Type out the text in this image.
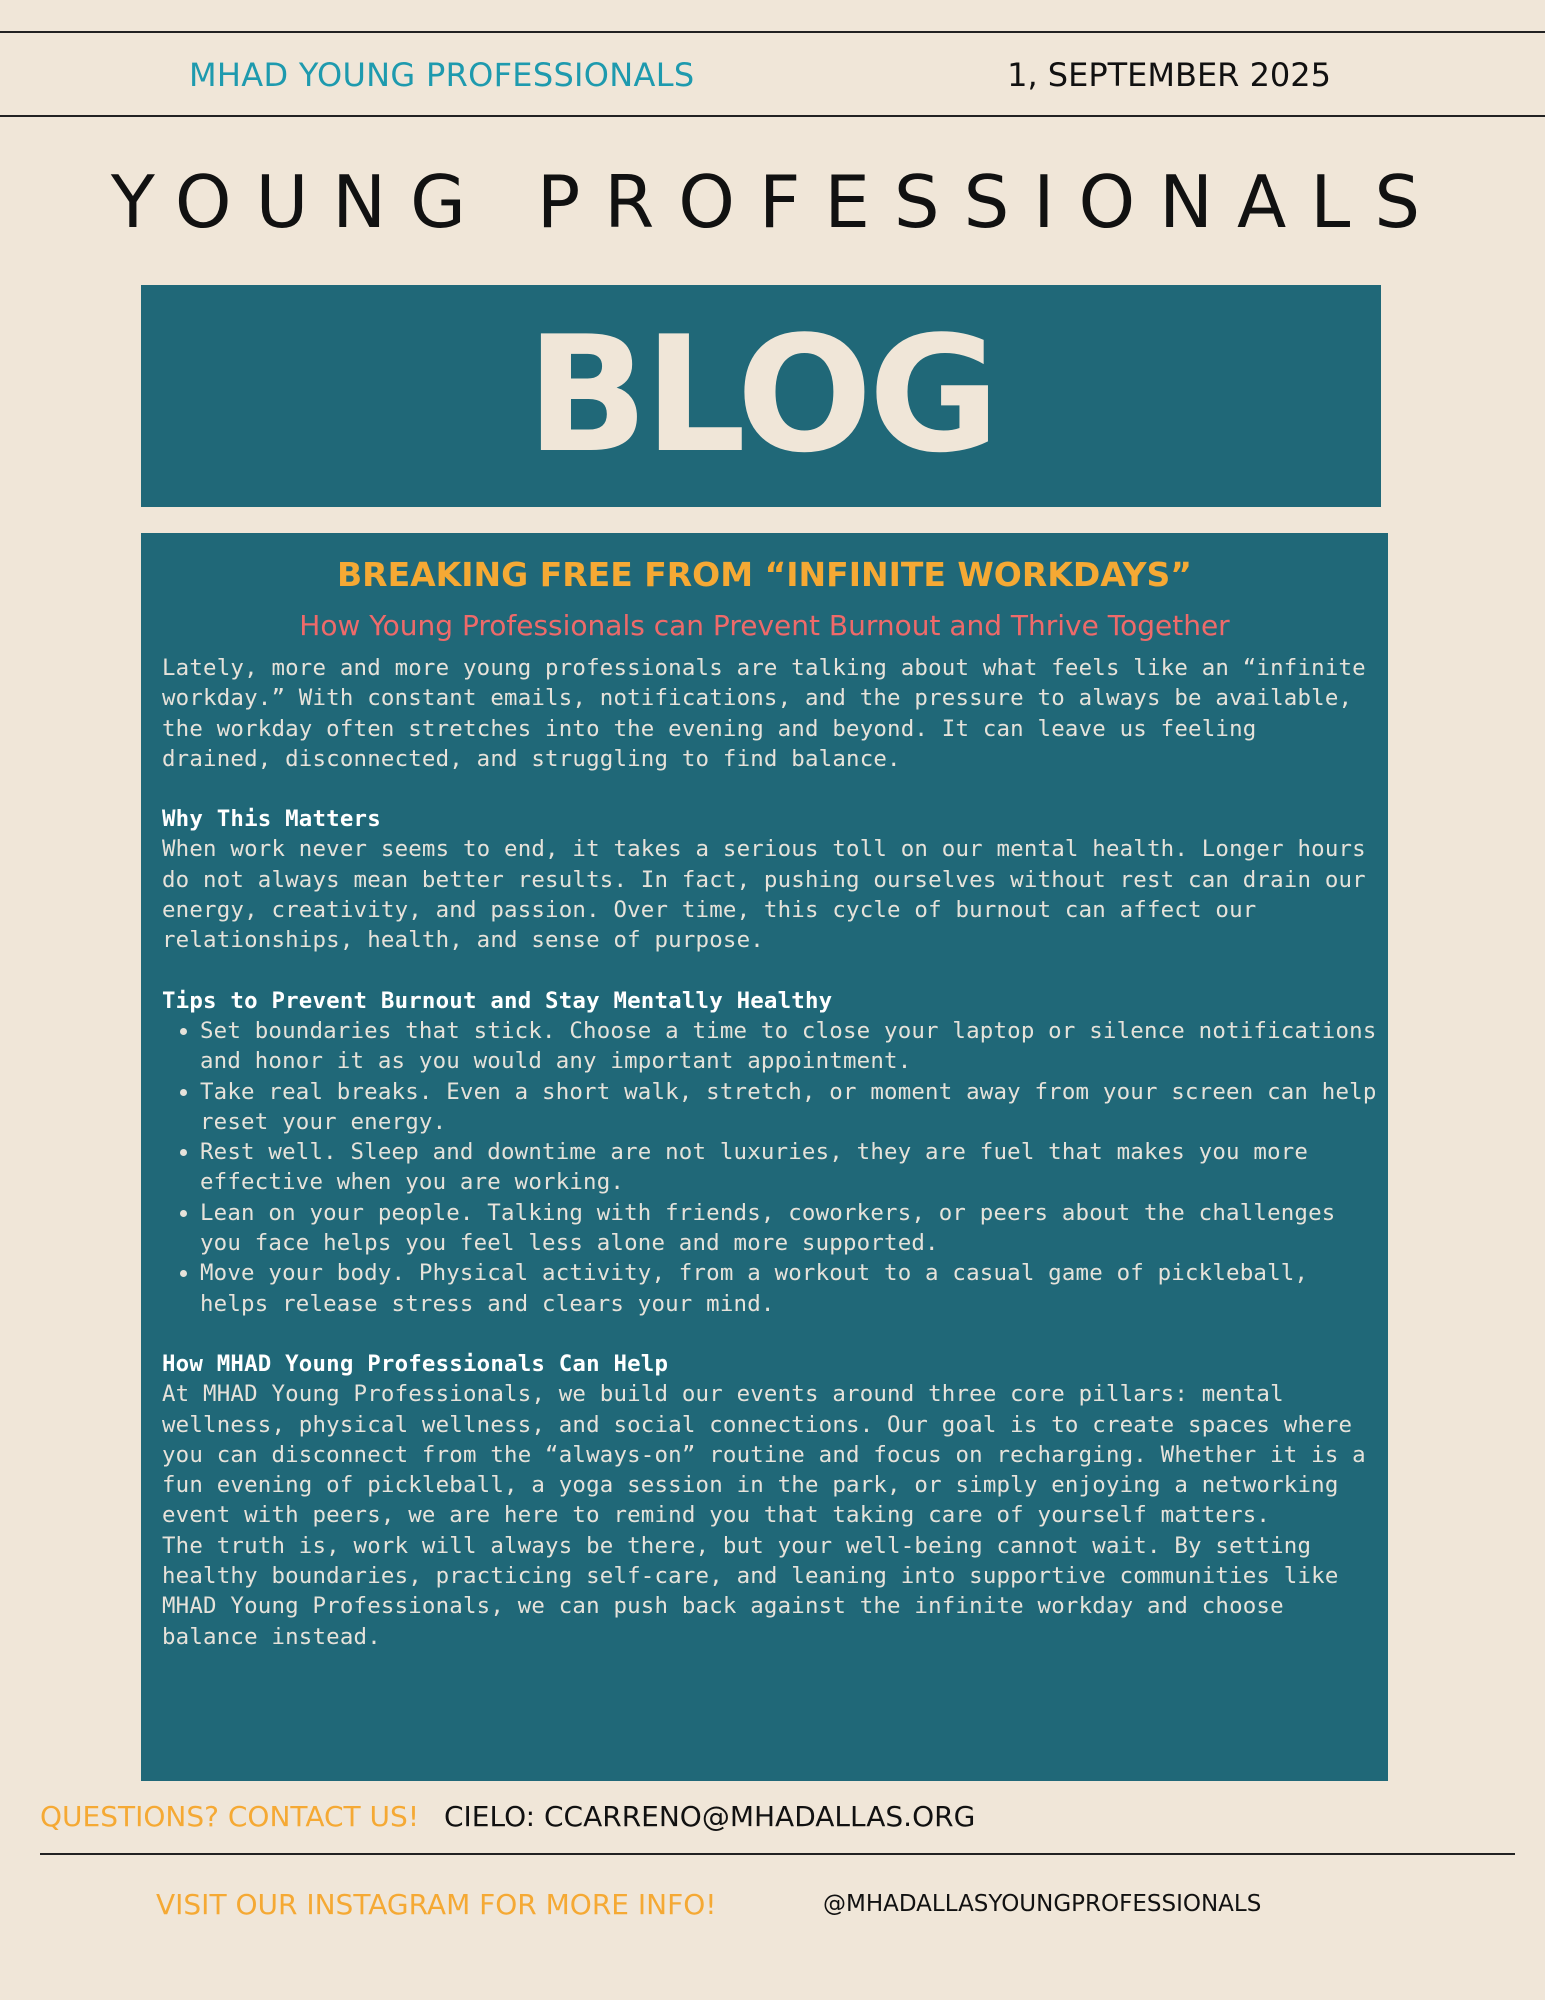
MHAD YOUNG PROFESSIONALS	1, SEPTEMBER 2025
YOUNG PROFESSIONALS
BLOG
BREAKING FREE FROM “INFINITE WORKDAYS”
How Young Professionals can Prevent Burnout and Thrive Together

Lately, more and more young professionals are talking about what feels like an “infinite workday.” With constant emails, notifications, and the pressure to always be available, the workday often stretches into the evening and beyond. It can leave us feeling drained, disconnected, and struggling to find balance.

Why This Matters

When work never seems to end, it takes a serious toll on our mental health. Longer hours do not always mean better results. In fact, pushing ourselves without rest can drain our energy, creativity, and passion. Over time, this cycle of burnout can affect our relationships, health, and sense of purpose.

Tips to Prevent Burnout and Stay Mentally Healthy
• Set boundaries that stick. Choose a time to close your laptop or silence notifications and honor it as you would any important appointment.
• Take real breaks. Even a short walk, stretch, or moment away from your screen can help reset your energy.
• Rest well. Sleep and downtime are not luxuries, they are fuel that makes you more effective when you are working.
• Lean on your people. Talking with friends, coworkers, or peers about the challenges you face helps you feel less alone and more supported.
• Move your body. Physical activity, from a workout to a casual game of pickleball, helps release stress and clears your mind.
How MHAD Young Professionals Can Help

At MHAD Young Professionals, we build our events around three core pillars: mental wellness, physical wellness, and social connections. Our goal is to create spaces where you can disconnect from the “always-on” routine and focus on recharging. Whether it is a fun evening of pickleball, a yoga session in the park, or simply enjoying a networking event with peers, we are here to remind you that taking care of yourself matters.

The truth is, work will always be there, but your well-being cannot wait. By setting healthy boundaries, practicing self-care, and leaning into supportive communities like MHAD Young Professionals, we can push back against the infinite workday and choose balance instead.

QUESTIONS? CONTACT US! CIELO: CCARRENO@MHADALLAS.ORG
VISIT OUR INSTAGRAM FOR MORE INFO!	@MHADALLASYOUNGPROFESSIONALS
